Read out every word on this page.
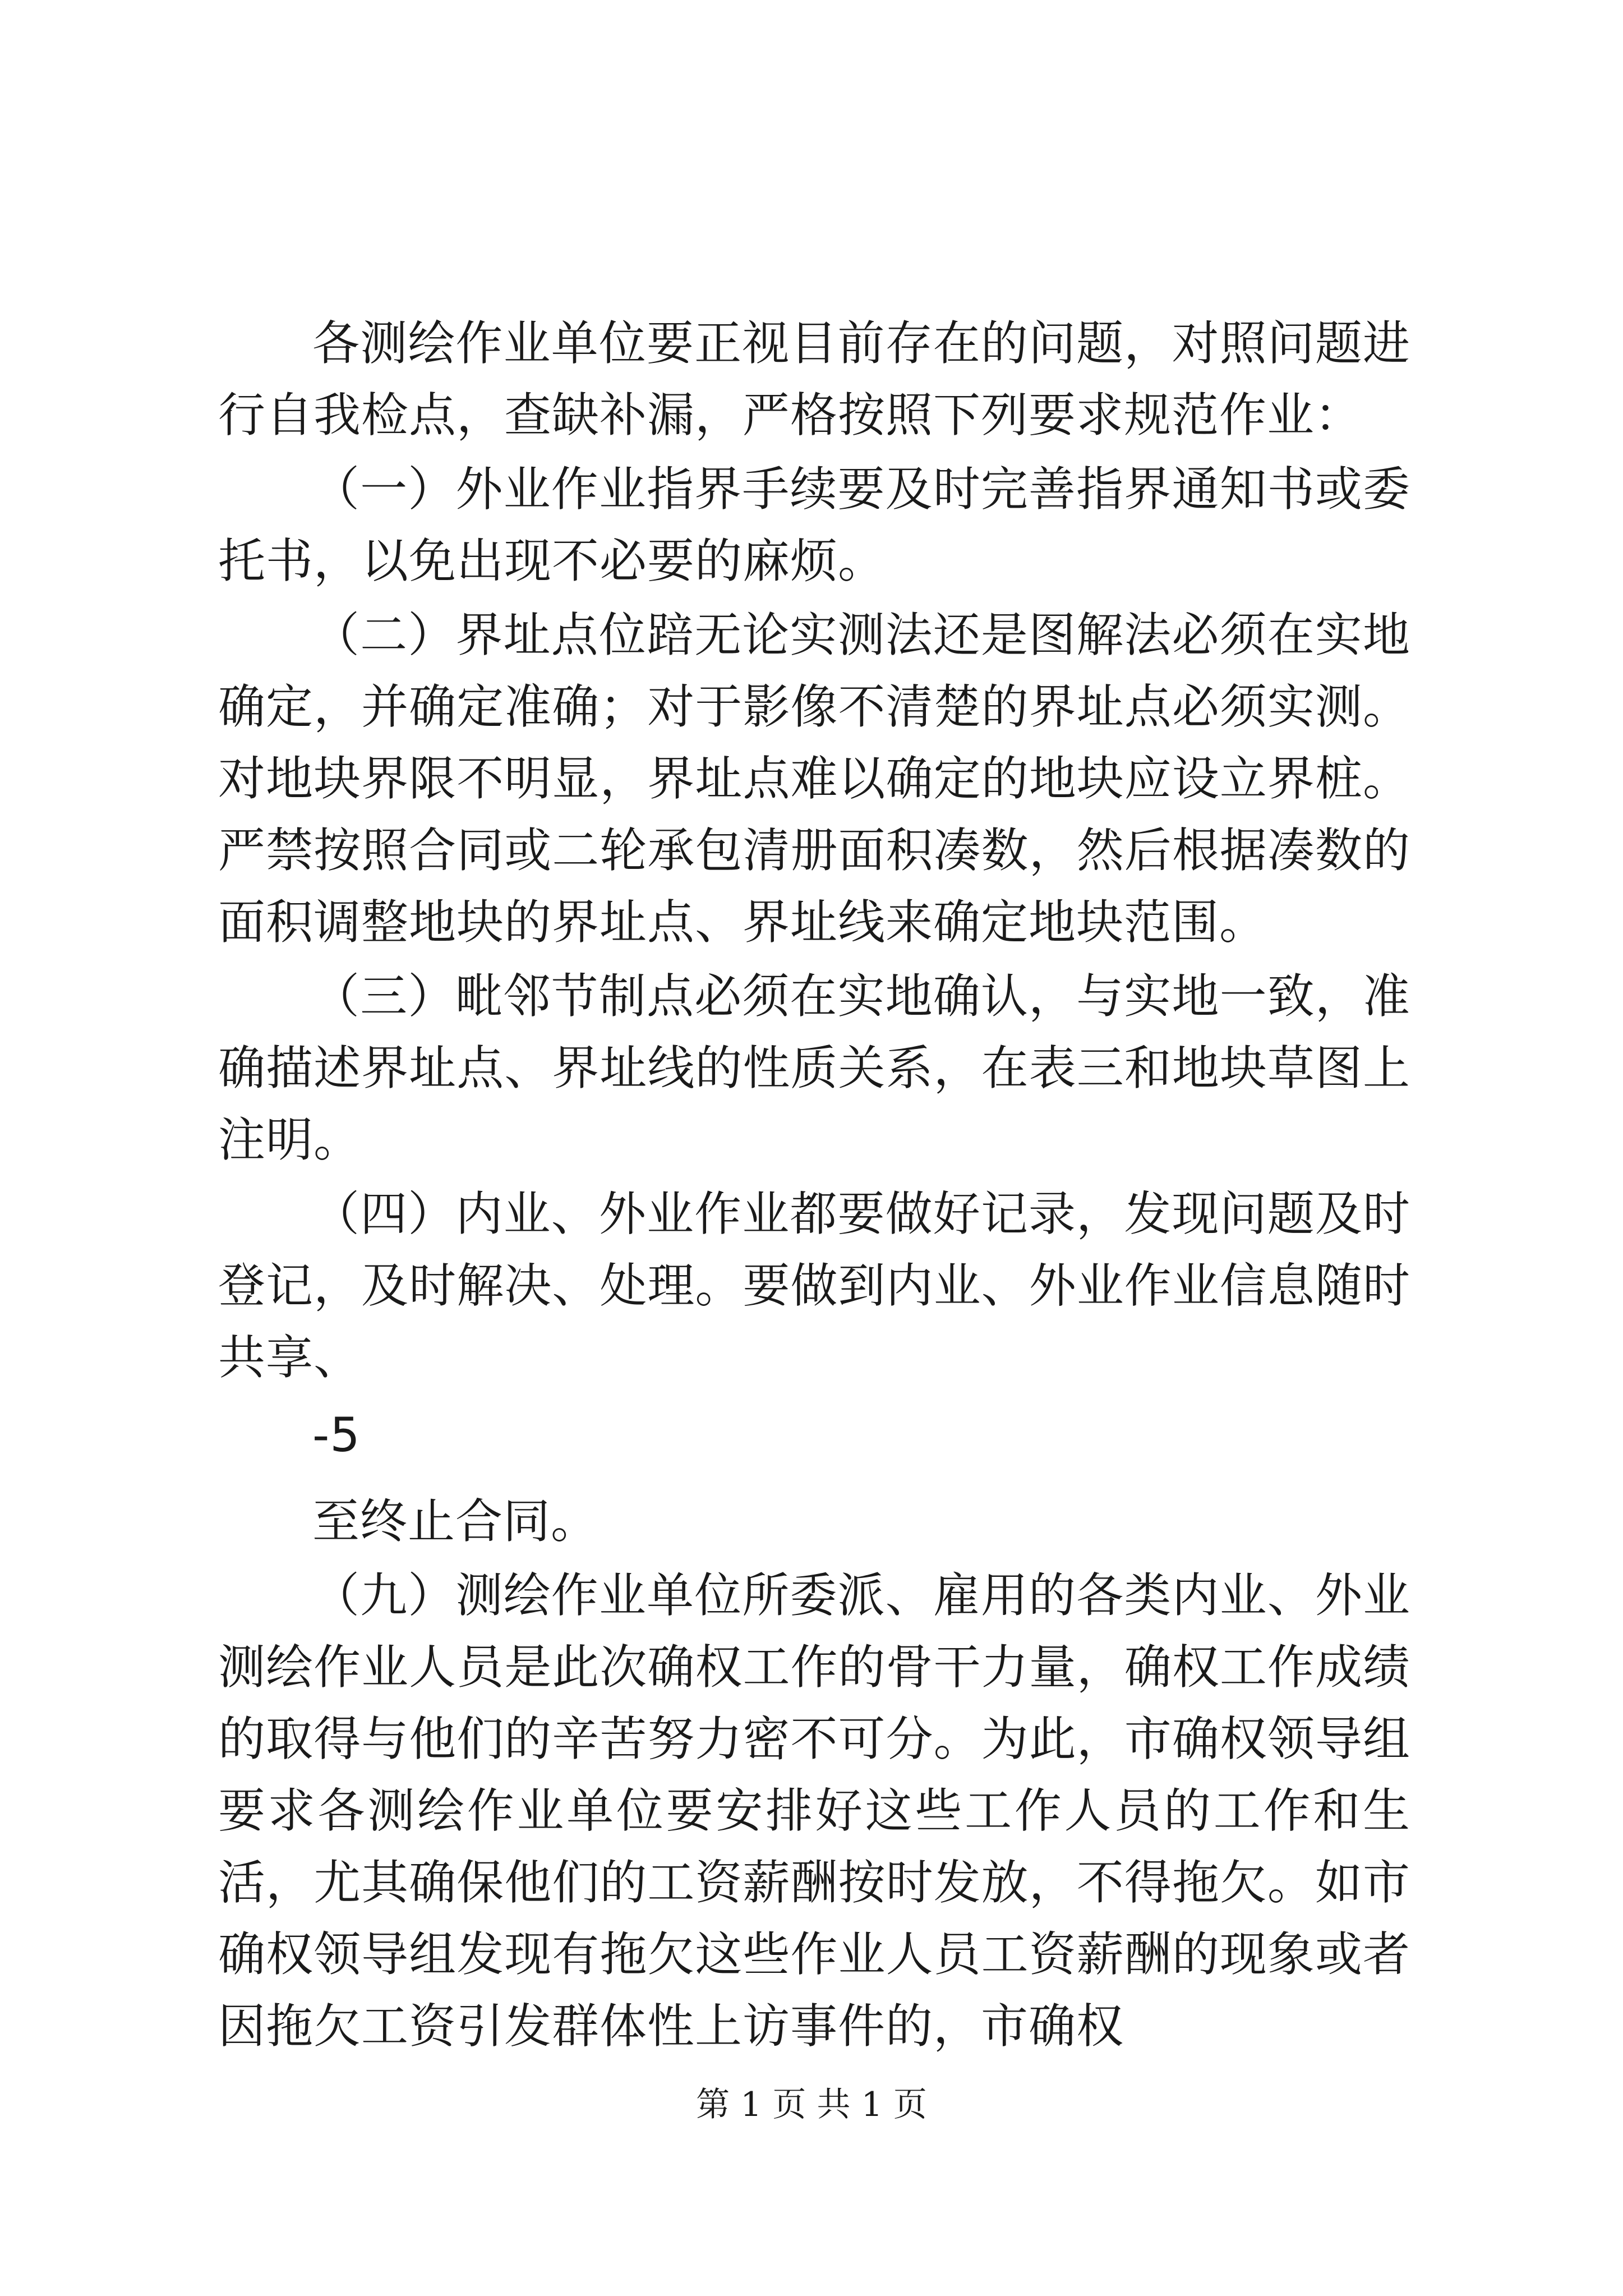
各测绘作业单位要正视目前存在的问题，对照问题进行自我检点，查缺补漏，严格按照下列要求规范作业：

（一）外业作业指界手续要及时完善指界通知书或委托书，以免出现不必要的麻烦。

（二）界址点位踣无论实测法还是图解法必须在实地确定，并确定准确；对于影像不清楚的界址点必须实测。对地块界限不明显，界址点难以确定的地块应设立界桩。严禁按照合同或二轮承包清册面积凑数，然后根据凑数的面积调整地块的界址点、界址线来确定地块范围。

（三）毗邻节制点必须在实地确认，与实地一致，准确描述界址点、界址线的性质关系，在表三和地块草图上注明。

（四）内业、外业作业都要做好记录，发现问题及时登记，及时解决、处理。要做到内业、外业作业信息随时共享、

-5

至终止合同。

（九）测绘作业单位所委派、雇用的各类内业、外业测绘作业人员是此次确权工作的骨干力量，确权工作成绩的取得与他们的辛苦努力密不可分。为此，市确权领导组要求各测绘作业单位要安排好这些工作人员的工作和生活，尤其确保他们的工资薪酬按时发放，不得拖欠。如市确权领导组发现有拖欠这些作业人员工资薪酬的现象或者因拖欠工资引发群体性上访事件的，市确权

第 1 页 共 1 页
